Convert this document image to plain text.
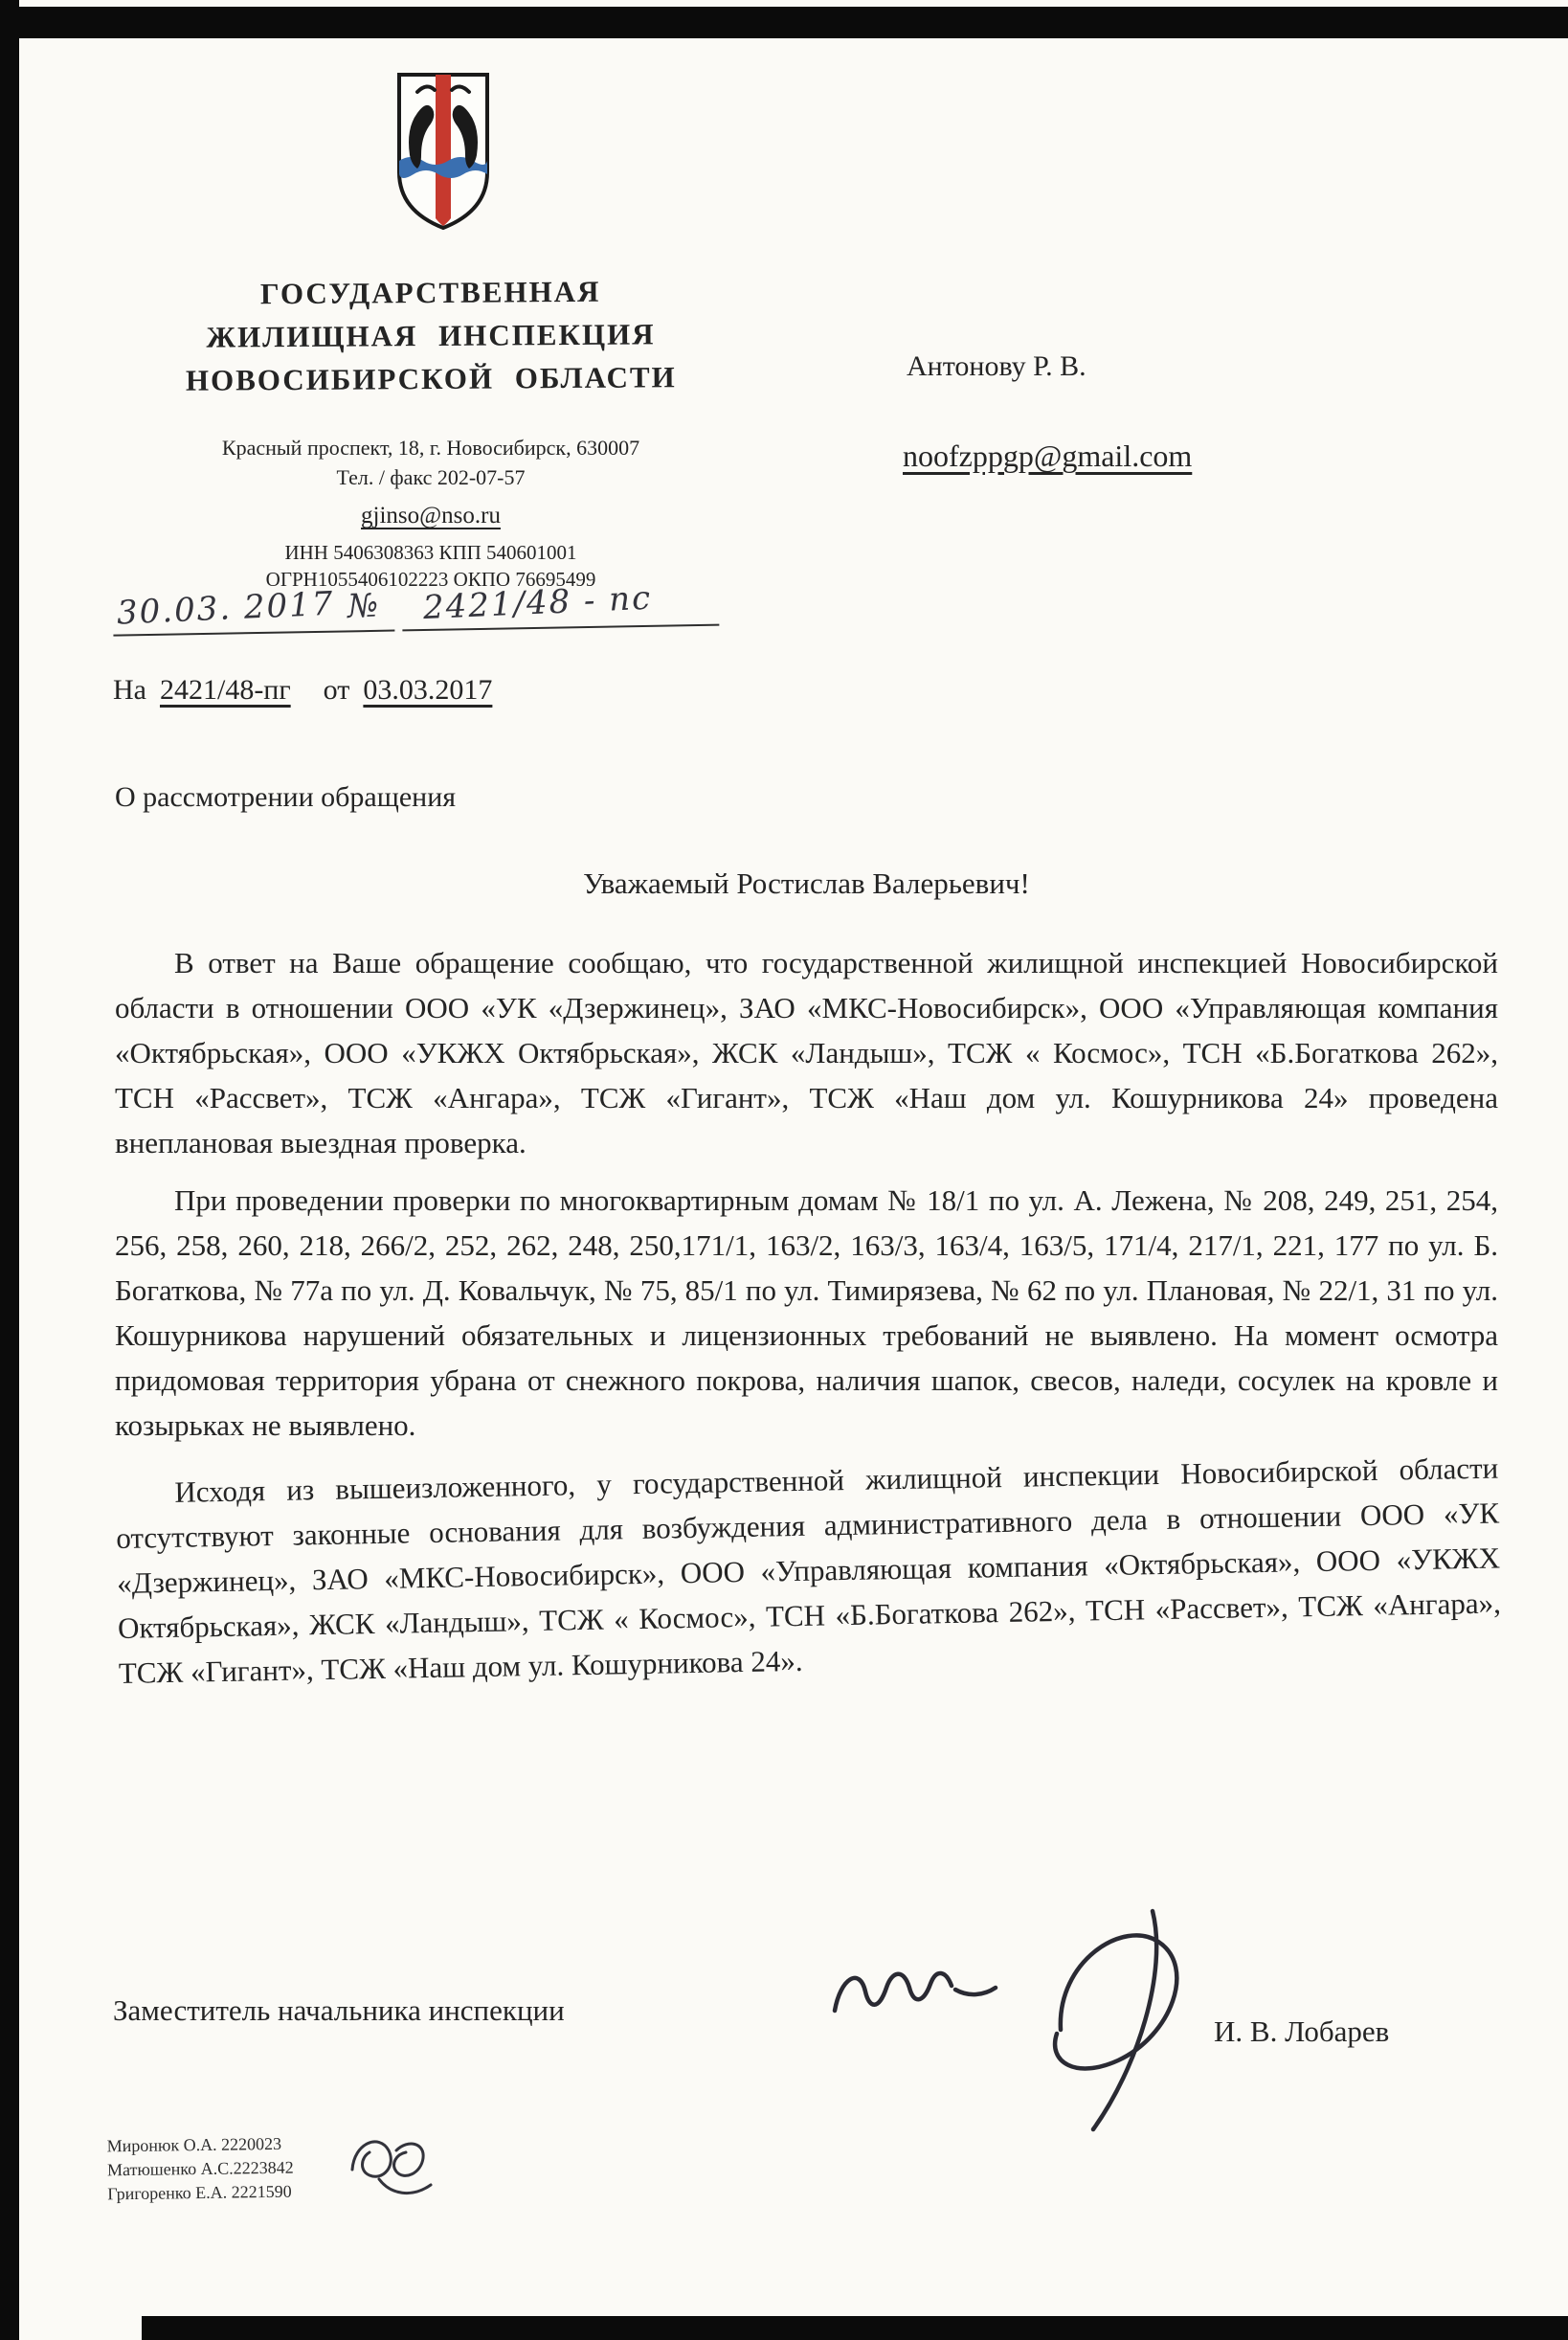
ГОСУДАРСТВЕННАЯ
ЖИЛИЩНАЯ ИНСПЕКЦИЯ
НОВОСИБИРСКОЙ ОБЛАСТИ
Красный проспект, 18, г. Новосибирск, 630007
Тел. / факс 202-07-57
gjinso@nso.ru
ИНН 5406308363 КПП 540601001
ОГРН1055406102223 ОКПО 76695499
30.03. 2017 № 2421/48 - пс
На 2421/48-пг от 03.03.2017
Антонову Р. В.
noofzppgp@gmail.com
О рассмотрении обращения
Уважаемый Ростислав Валерьевич!

В ответ на Ваше обращение сообщаю, что государственной жилищной инспекцией Новосибирской области в отношении ООО «УК «Дзержинец», ЗАО «МКС-Новосибирск», ООО «Управляющая компания «Октябрьская», ООО «УКЖХ Октябрьская», ЖСК «Ландыш», ТСЖ « Космос», ТСН «Б.Богаткова 262», ТСН «Рассвет», ТСЖ «Ангара», ТСЖ «Гигант», ТСЖ «Наш дом ул. Кошурникова 24» проведена внеплановая выездная проверка.

При проведении проверки по многоквартирным домам № 18/1 по ул. А. Лежена, № 208, 249, 251, 254, 256, 258, 260, 218, 266/2, 252, 262, 248, 250,171/1, 163/2, 163/3, 163/4, 163/5, 171/4, 217/1, 221, 177 по ул. Б. Богаткова, № 77а по ул. Д. Ковальчук, № 75, 85/1 по ул. Тимирязева, № 62 по ул. Плановая, № 22/1, 31 по ул. Кошурникова нарушений обязательных и лицензионных требований не выявлено. На момент осмотра придомовая территория убрана от снежного покрова, наличия шапок, свесов, наледи, сосулек на кровле и козырьках не выявлено.

Исходя из вышеизложенного, у государственной жилищной инспекции Новосибирской области отсутствуют законные основания для возбуждения административного дела в отношении ООО «УК «Дзержинец», ЗАО «МКС-Новосибирск», ООО «Управляющая компания «Октябрьская», ООО «УКЖХ Октябрьская», ЖСК «Ландыш», ТСЖ « Космос», ТСН «Б.Богаткова 262», ТСН «Рассвет», ТСЖ «Ангара», ТСЖ «Гигант», ТСЖ «Наш дом ул. Кошурникова 24».

Заместитель начальника инспекции
И. В. Лобарев
Миронюк О.А. 2220023
Матюшенко А.С.2223842
Григоренко Е.А. 2221590
